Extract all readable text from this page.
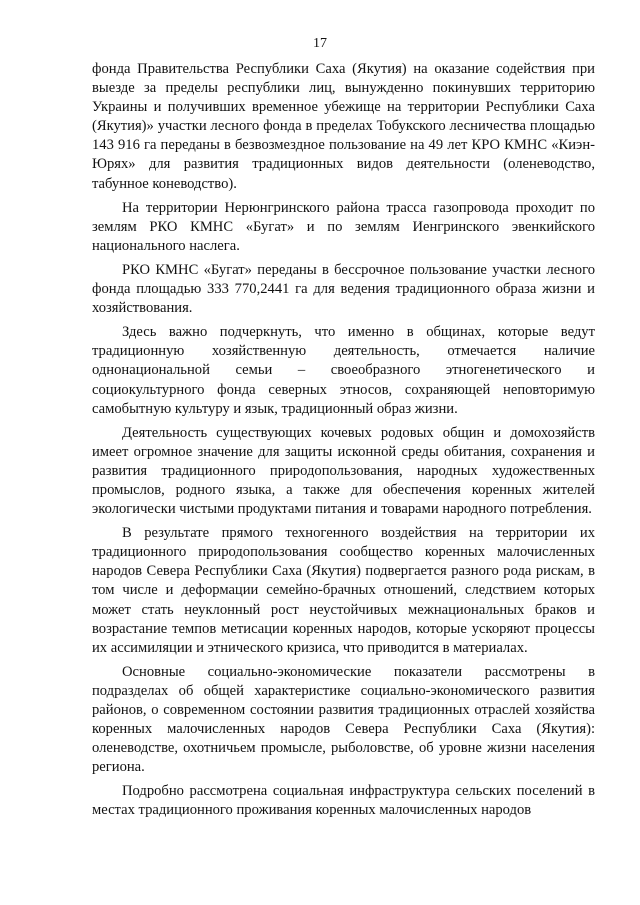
17

фонда Правительства Республики Саха (Якутия) на оказание содействия при выезде за пределы республики лиц, вынужденно покинувших территорию Украины и получивших временное убежище на территории Республики Саха (Якутия)» участки лесного фонда в пределах Тобукского лесничества площадью 143 916 га переданы в безвозмездное пользование на 49 лет КРО КМНС «Киэн-Юрях» для развития традиционных видов деятельности (оленеводство, табунное коневодство).

На территории Нерюнгринского района трасса газопровода проходит по землям РКО КМНС «Бугат» и по землям Иенгринского эвенкийского национального наслега.

РКО КМНС «Бугат» переданы в бессрочное пользование участки лесного фонда площадью 333 770,2441 га для ведения традиционного образа жизни и хозяйствования.

Здесь важно подчеркнуть, что именно в общинах, которые ведут традиционную хозяйственную деятельность, отмечается наличие однонациональной семьи – своеобразного этногенетического и социокультурного фонда северных этносов, сохраняющей неповторимую самобытную культуру и язык, традиционный образ жизни.

Деятельность существующих кочевых родовых общин и домохозяйств имеет огромное значение для защиты исконной среды обитания, сохранения и развития традиционного природопользования, народных художественных промыслов, родного языка, а также для обеспечения коренных жителей экологически чистыми продуктами питания и товарами народного потребления.

В результате прямого техногенного воздействия на территории их традиционного природопользования сообщество коренных малочисленных народов Севера Республики Саха (Якутия) подвергается разного рода рискам, в том числе и деформации семейно-брачных отношений, следствием которых может стать неуклонный рост неустойчивых межнациональных браков и возрастание темпов метисации коренных народов, которые ускоряют процессы их ассимиляции и этнического кризиса, что приводится в материалах.

Основные социально-экономические показатели рассмотрены в подразделах об общей характеристике социально-экономического развития районов, о современном состоянии развития традиционных отраслей хозяйства коренных малочисленных народов Севера Республики Саха (Якутия): оленеводстве, охотничьем промысле, рыболовстве, об уровне жизни населения региона.

Подробно рассмотрена социальная инфраструктура сельских поселений в местах традиционного проживания коренных малочисленных народов
